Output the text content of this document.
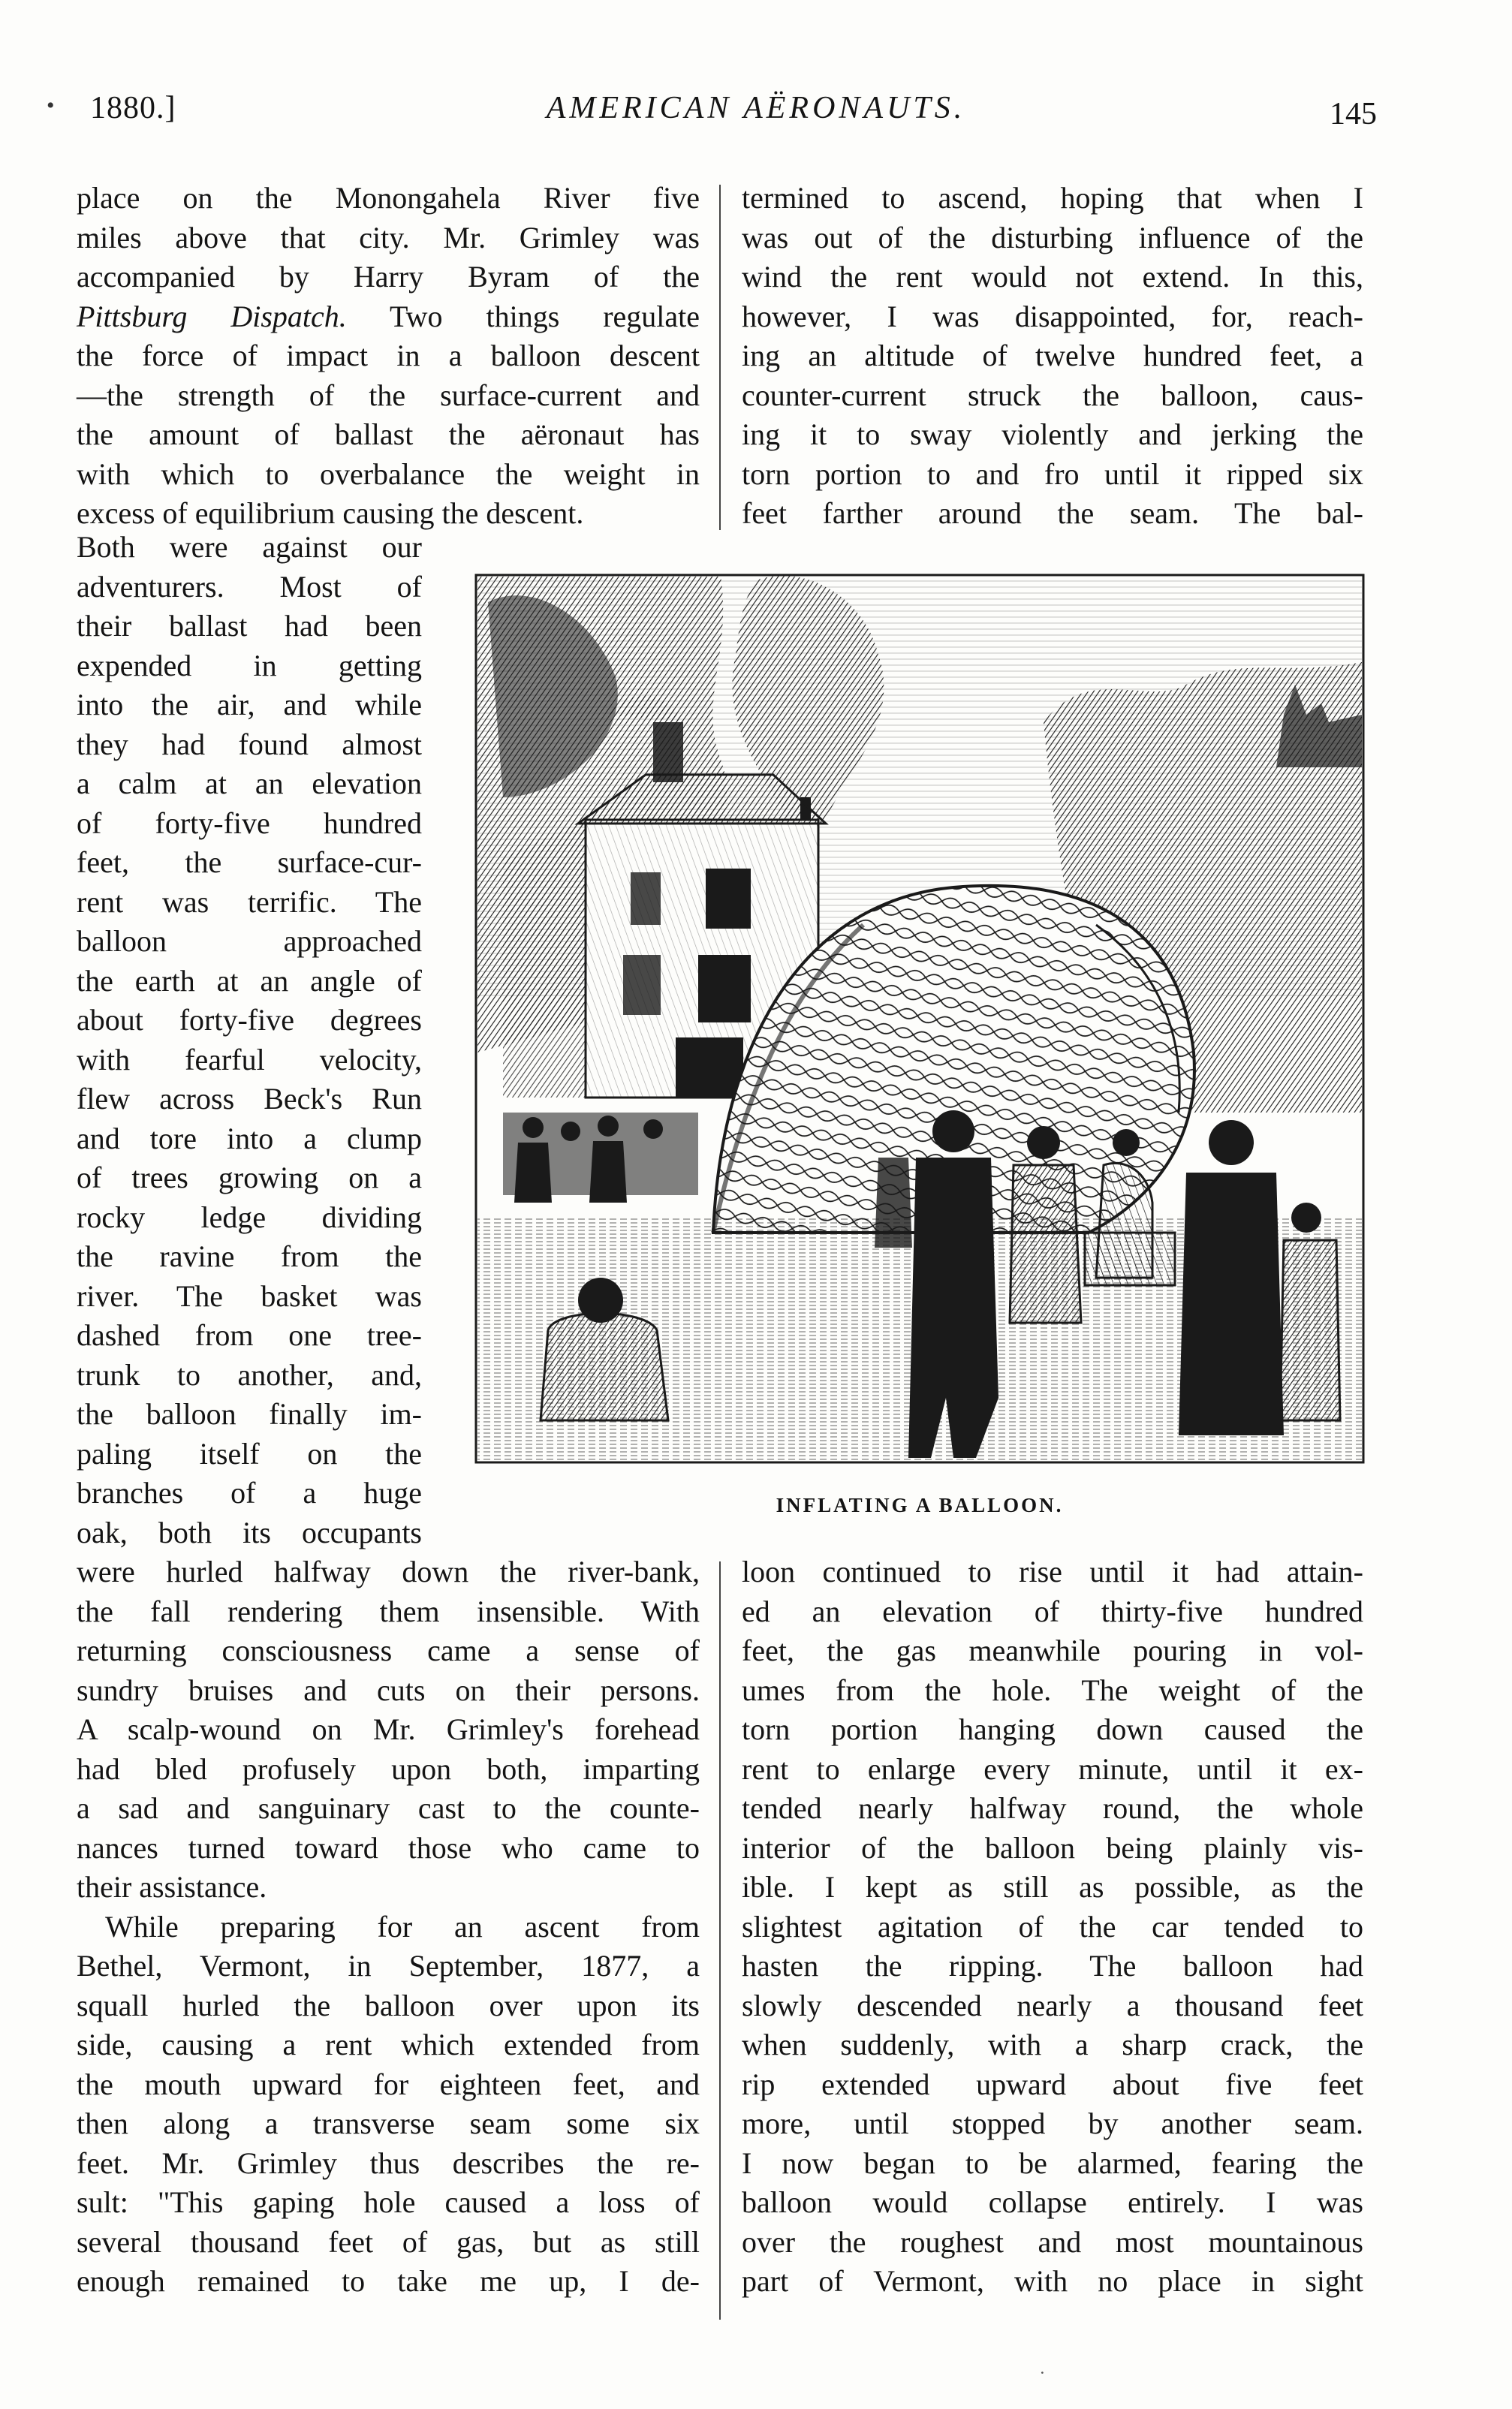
• 1880.]	AMERICAN AËRONAUTS.	145
place on the Monongahela River five
miles above that city. Mr. Grimley was
accompanied by Harry Byram of the
Pittsburg Dispatch. Two things regulate
the force of impact in a balloon descent
—the strength of the surface-current and
the amount of ballast the aëronaut has
with which to overbalance the weight in
excess of equilibrium causing the descent.
Both were against our
adventurers. Most of
their ballast had been
expended in getting
into the air, and while
they had found almost
a calm at an elevation
of forty-five hundred
feet, the surface-cur-
rent was terrific. The
balloon approached
the earth at an angle of
about forty-five degrees
with fearful velocity,
flew across Beck's Run
and tore into a clump
of trees growing on a
rocky ledge dividing
the ravine from the
river. The basket was
dashed from one tree-
trunk to another, and,
the balloon finally im-
paling itself on the
branches of a huge
oak, both its occupants
were hurled halfway down the river-bank,
the fall rendering them insensible. With
returning consciousness came a sense of
sundry bruises and cuts on their persons.
A scalp-wound on Mr. Grimley's forehead
had bled profusely upon both, imparting
a sad and sanguinary cast to the counte-
nances turned toward those who came to
their assistance.
While preparing for an ascent from
Bethel, Vermont, in September, 1877, a
squall hurled the balloon over upon its
side, causing a rent which extended from
the mouth upward for eighteen feet, and
then along a transverse seam some six
feet. Mr. Grimley thus describes the re-
sult: "This gaping hole caused a loss of
several thousand feet of gas, but as still
enough remained to take me up, I de-
termined to ascend, hoping that when I
was out of the disturbing influence of the
wind the rent would not extend. In this,
however, I was disappointed, for, reach-
ing an altitude of twelve hundred feet, a
counter-current struck the balloon, caus-
ing it to sway violently and jerking the
torn portion to and fro until it ripped six
feet farther around the seam. The bal-
loon continued to rise until it had attain-
ed an elevation of thirty-five hundred
feet, the gas meanwhile pouring in vol-
umes from the hole. The weight of the
torn portion hanging down caused the
rent to enlarge every minute, until it ex-
tended nearly halfway round, the whole
interior of the balloon being plainly vis-
ible. I kept as still as possible, as the
slightest agitation of the car tended to
hasten the ripping. The balloon had
slowly descended nearly a thousand feet
when suddenly, with a sharp crack, the
rip extended upward about five feet
more, until stopped by another seam.
I now began to be alarmed, fearing the
balloon would collapse entirely. I was
over the roughest and most mountainous
part of Vermont, with no place in sight
INFLATING A BALLOON.
˙
